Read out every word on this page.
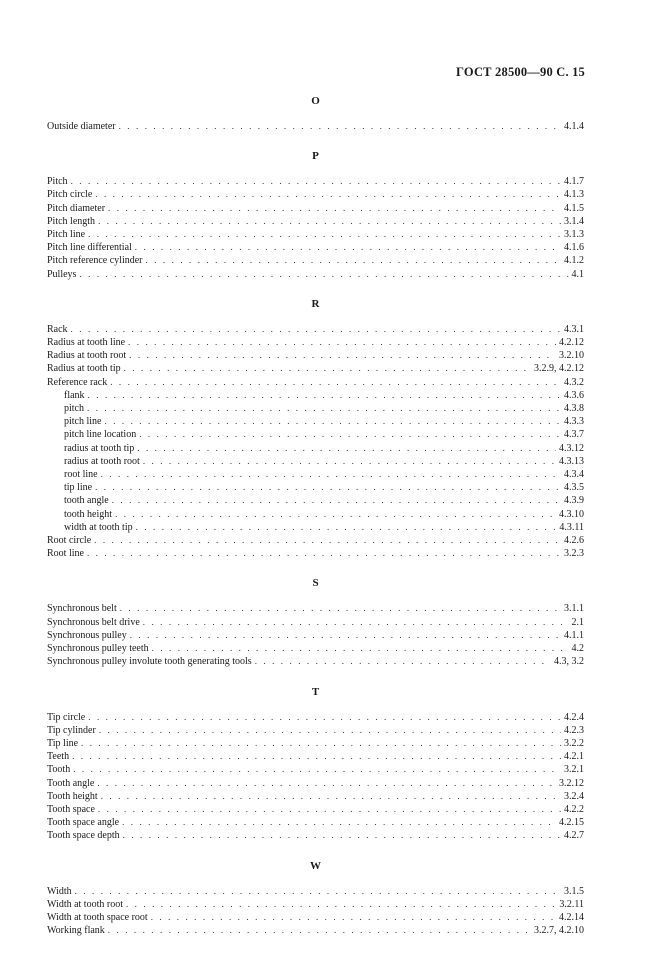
ГОСТ 28500—90 С. 15
O
Outside diameter . . .	4.1.4
P
Pitch . . .	4.1.7
Pitch circle . . .	4.1.3
Pitch diameter . . .	4.1.5
Pitch length . . .	3.1.4
Pitch line . . .	3.1.3
Pitch line differential . . .	4.1.6
Pitch reference cylinder . . .	4.1.2
Pulleys . . .	4.1
R
Rack . . .	4.3.1
Radius at tooth line . . .	4.2.12
Radius at tooth root . . .	3.2.10
Radius at tooth tip . . .	3.2.9, 4.2.12
Reference rack . . .	4.3.2
flank . . .	4.3.6
pitch . . .	4.3.8
pitch line . . .	4.3.3
pitch line location . . .	4.3.7
radius at tooth tip . . .	4.3.12
radius at tooth root . . .	4.3.13
root line . . .	4.3.4
tip line . . .	4.3.5
tooth angle . . .	4.3.9
tooth height . . .	4.3.10
width at tooth tip . . .	4.3.11
Root circle . . .	4.2.6
Root line . . .	3.2.3
S
Synchronous belt . . .	3.1.1
Synchronous belt drive . . .	2.1
Synchronous pulley . . .	4.1.1
Synchronous pulley teeth . . .	4.2
Synchronous pulley involute tooth generating tools . . .	4.3, 3.2
T
Tip circle . . .	4.2.4
Tip cylinder . . .	4.2.3
Tip line . . .	3.2.2
Teeth . . .	4.2.1
Tooth . . .	3.2.1
Tooth angle . . .	3.2.12
Tooth height . . .	3.2.4
Tooth space . . .	4.2.2
Tooth space angle . . .	4.2.15
Tooth space depth . . .	4.2.7
W
Width . . .	3.1.5
Width at tooth root . . .	3.2.11
Width at tooth space root . . .	4.2.14
Working flank . . .	3.2.7, 4.2.10
